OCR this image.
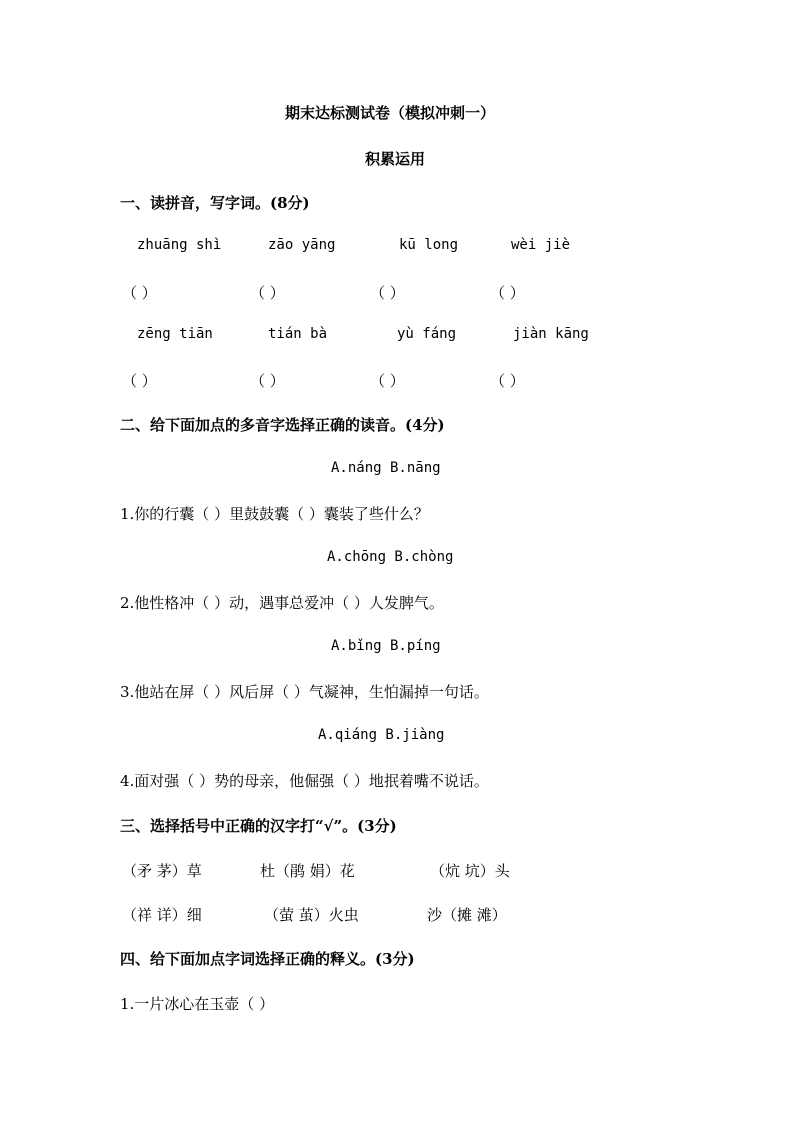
期末达标测试卷（模拟冲刺一）
积累运用
一、读拼音，写字词。(8分)
zhuāng shì	zāo yāng	kū long	wèi jiè
（ ）	（ ）	（ ）	（ ）
zēng tiān	tián bà	yù fáng	jiàn kāng
（ ）	（ ）	（ ）	（ ）
二、给下面加点的多音字选择正确的读音。(4分)
A.náng B.nāng
1.你的行囊（ ）里鼓鼓囊（ ）囊装了些什么？
A.chōng B.chòng
2.他性格冲（ ）动，遇事总爱冲（ ）人发脾气。
A.bǐng B.píng
3.他站在屏（ ）风后屏（ ）气凝神，生怕漏掉一句话。
A.qiáng B.jiàng
4.面对强（ ）势的母亲，他倔强（ ）地抿着嘴不说话。
三、选择括号中正确的汉字打“√”。(3分)
（矛 茅）草	杜（鹃 娟）花	（炕 坑）头
（祥 详）细	（萤 茧）火虫	沙（摊 滩）
四、给下面加点字词选择正确的释义。(3分)
1.一片冰心在玉壶（ ）
